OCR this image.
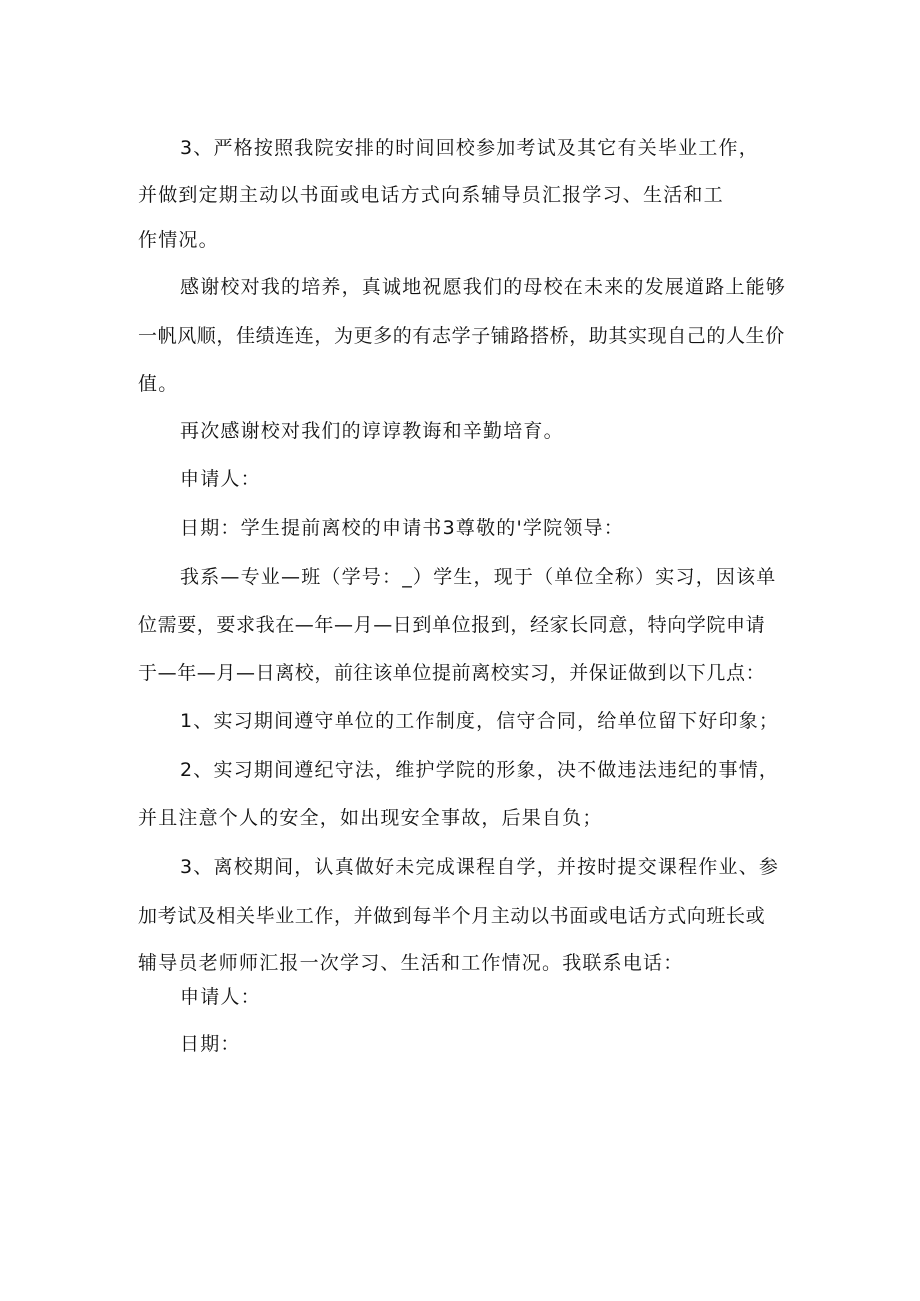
3、严格按照我院安排的时间回校参加考试及其它有关毕业工作，
并做到定期主动以书面或电话方式向系辅导员汇报学习、生活和工
作情况。
感谢校对我的培养，真诚地祝愿我们的母校在未来的发展道路上能够
一帆风顺，佳绩连连，为更多的有志学子铺路搭桥，助其实现自己的人生价
值。
再次感谢校对我们的谆谆教诲和辛勤培育。
申请人：
日期：学生提前离校的申请书3尊敬的'学院领导：
我系—专业—班（学号：_）学生，现于（单位全称）实习，因该单
位需要，要求我在—年—月—日到单位报到，经家长同意，特向学院申请
于—年—月—日离校，前往该单位提前离校实习，并保证做到以下几点：
1、实习期间遵守单位的工作制度，信守合同，给单位留下好印象；
2、实习期间遵纪守法，维护学院的形象，决不做违法违纪的事情，
并且注意个人的安全，如出现安全事故，后果自负；
3、离校期间，认真做好未完成课程自学，并按时提交课程作业、参
加考试及相关毕业工作，并做到每半个月主动以书面或电话方式向班长或
辅导员老师师汇报一次学习、生活和工作情况。我联系电话：
申请人：
日期：
